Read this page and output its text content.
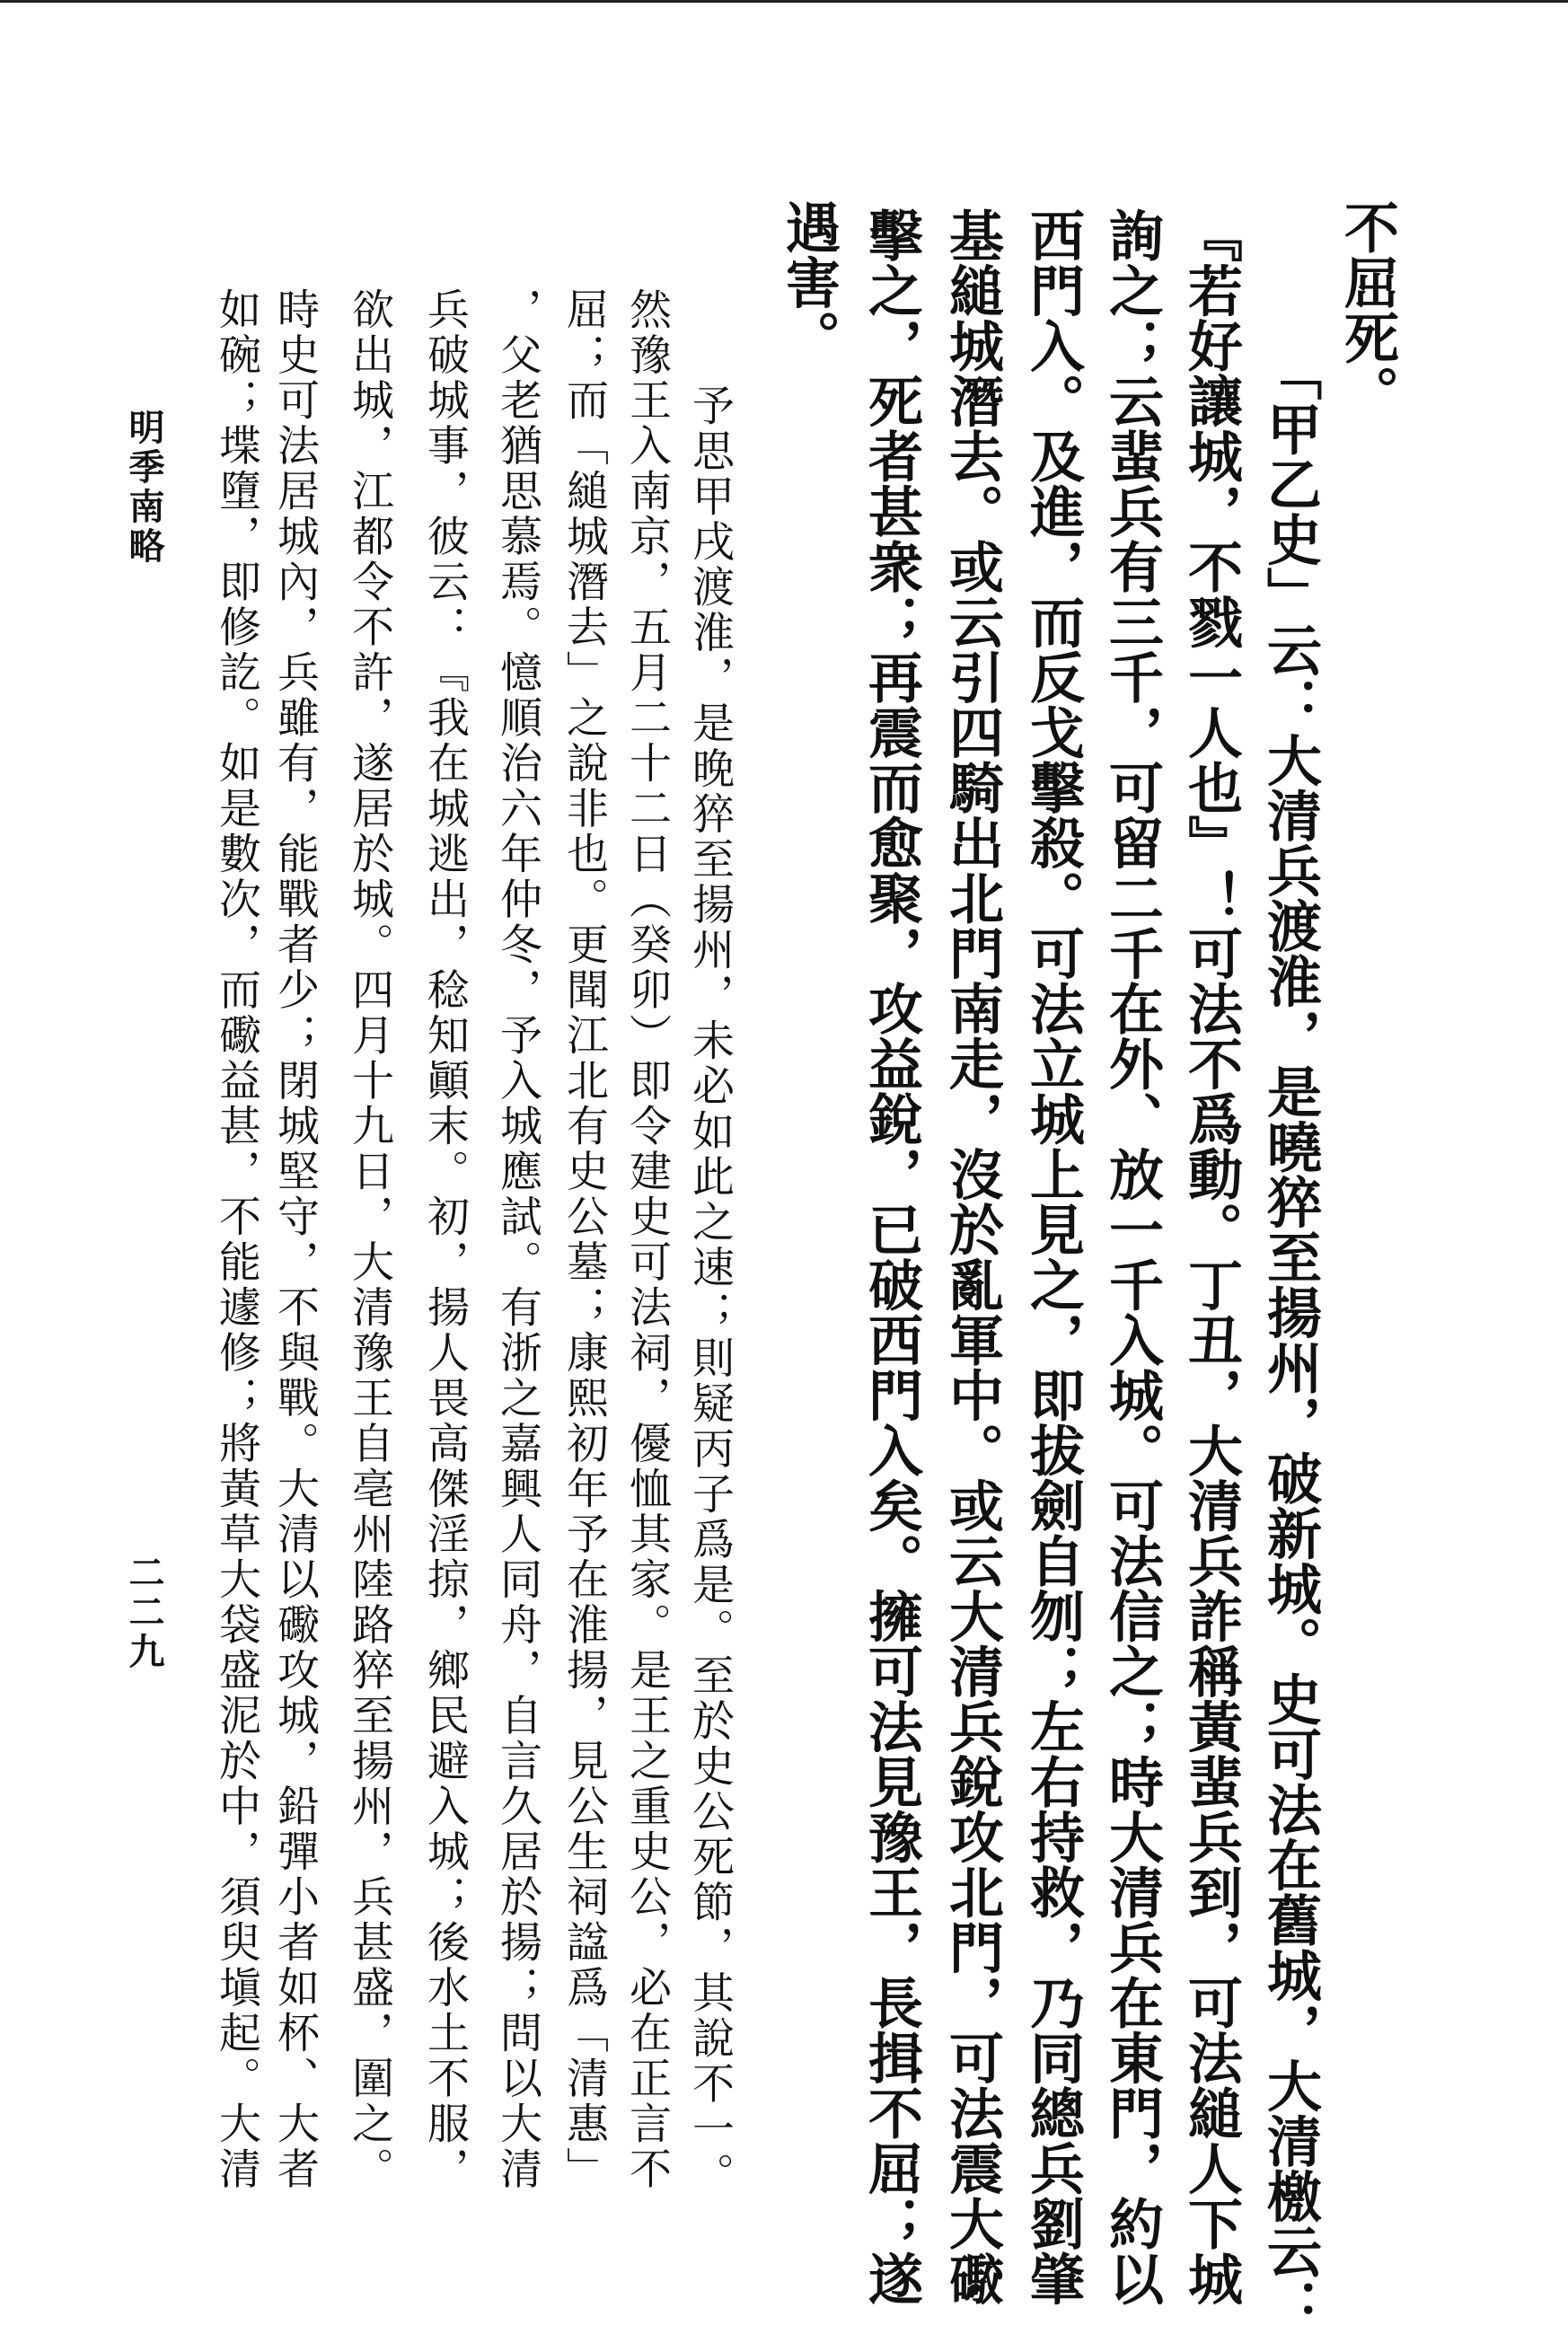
不屈死。
「甲乙史」云：大清兵渡淮，是曉猝至揚州，破新城。史可法在舊城，大清檄云：
『若好讓城，不戮一人也』！可法不爲動。丁丑，大清兵詐稱黃蜚兵到，可法縋人下城
詢之；云蜚兵有三千，可留二千在外、放一千入城。可法信之；時大清兵在東門，約以
西門入。及進，而反戈擊殺。可法立城上見之，即拔劍自刎；左右持救，乃同總兵劉肇
基縋城潛去。或云引四騎出北門南走，沒於亂軍中。或云大清兵銳攻北門，可法震大礮
擊之，死者甚衆；再震而愈聚，攻益銳，已破西門入矣。擁可法見豫王，長揖不屈；遂
遇害。
予思甲戌渡淮，是晚猝至揚州，未必如此之速；則疑丙子爲是。至於史公死節，其說不一。
然豫王入南京，五月二十二日（癸卯）即令建史可法祠，優恤其家。是王之重史公，必在正言不
屈；而「縋城潛去」之說非也。更聞江北有史公墓；康熙初年予在淮揚，見公生祠諡爲「清惠」
，父老猶思慕焉。憶順治六年仲冬，予入城應試。有浙之嘉興人同舟，自言久居於揚；問以大清
兵破城事，彼云：『我在城逃出，稔知顚末。初，揚人畏高傑淫掠，鄉民避入城；後水土不服，
欲出城，江都令不許，遂居於城。四月十九日，大清豫王自亳州陸路猝至揚州，兵甚盛，圍之。
時史可法居城內，兵雖有，能戰者少；閉城堅守，不與戰。大清以礮攻城，鉛彈小者如杯、大者
如碗；堞墮，即修訖。如是數次，而礮益甚，不能遽修；將黃草大袋盛泥於中，須臾塡起。大清
明季南略
二二九
